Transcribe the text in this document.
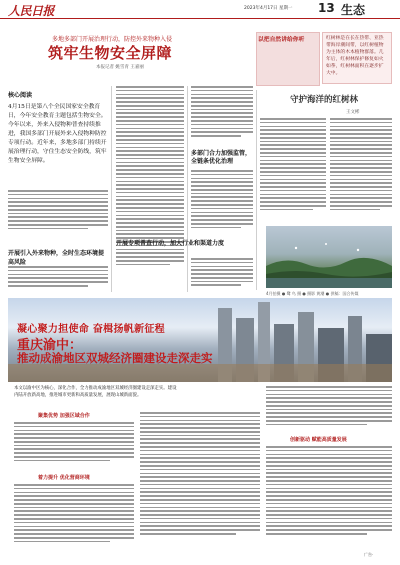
人民日报	2023年4月17日 星期一 13 生态
多地多部门开展治理行动，防控外来物种入侵
筑牢生物安全屏障
本报记者 姚雪青 王嘉丽
核心阅读
4月15日是第八个全民国家安全教育日，今年安全教育主题包括生物安全。今年以来，外来入侵物种普查持续推进，我国多部门开展外来入侵物种防控专项行动。近年来，多地多部门持续开展治理行动，守住生态安全防线，筑牢生物安全屏障。
开展引入外来物种，全时生态环境提高风险
多部门合力加强监管，全链条优化治理
开展专项普查行动，加大行业和渠道力度
以把自然讲给你听	红树林是在长在热带、亚热带海岸潮间带，以红树植物为主体的木本植物群落。几年后，红树林保护修复如火如荼，红树林面积在逐步扩大中。
守护海洋的红树林
王文彬
4月拍摄 ● 鹭 鸟 摄 ● 摄影 黄潮 ● 供稿：国合传媒
凝心聚力担使命 奋楫扬帆新征程
重庆渝中：
推动成渝地区双城经济圈建设走深走实
本文以渝中区为核心，深化合作，全力推动成渝地区双城经济圈建设走深走实。建设内陆开放新高地，推进城市更新和高质量发展，展现山城新面貌。
聚集优势 加强区域合作
着力提升 优化营商环境
创新驱动 赋能高质量发展
广告·
